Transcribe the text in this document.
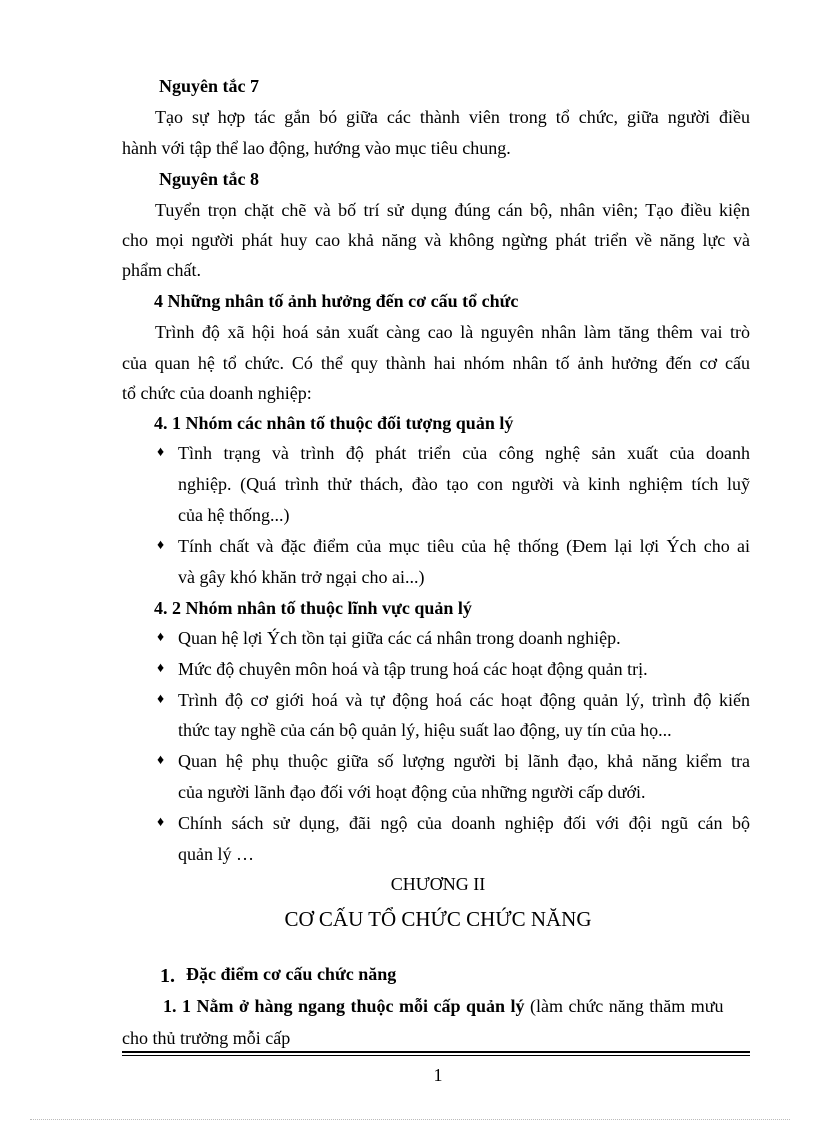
Nguyên tắc 7
Tạo sự hợp tác gắn bó giữa các thành viên trong tổ chức, giữa người điều
hành với tập thể lao động, hướng vào mục tiêu chung.
Nguyên tắc 8
Tuyển trọn chặt chẽ và bố trí sử dụng đúng cán bộ, nhân viên; Tạo điều kiện
cho mọi người phát huy cao khả năng và không ngừng phát triển về năng lực và
phẩm chất.
4 Những nhân tố ảnh hưởng đến cơ cấu tổ chức
Trình độ xã hội hoá sản xuất càng cao là nguyên nhân làm tăng thêm vai trò
của quan hệ tổ chức. Có thể quy thành hai nhóm nhân tố ảnh hưởng đến cơ cấu
tổ chức của doanh nghiệp:
4. 1 Nhóm các nhân tố thuộc đối tượng quản lý
♦ Tình trạng và trình độ phát triển của công nghệ sản xuất của doanh
nghiệp. (Quá trình thử thách, đào tạo con người và kinh nghiệm tích luỹ
của hệ thống...)
♦ Tính chất và đặc điểm của mục tiêu của hệ thống (Đem lại lợi Ých cho ai
và gây khó khăn trở ngại cho ai...)
4. 2 Nhóm nhân tố thuộc lĩnh vực quản lý
♦ Quan hệ lợi Ých tồn tại giữa các cá nhân trong doanh nghiệp.
♦ Mức độ chuyên môn hoá và tập trung hoá các hoạt động quản trị.
♦ Trình độ cơ giới hoá và tự động hoá các hoạt động quản lý, trình độ kiến
thức tay nghề của cán bộ quản lý, hiệu suất lao động, uy tín của họ...
♦ Quan hệ phụ thuộc giữa số lượng người bị lãnh đạo, khả năng kiểm tra
của người lãnh đạo đối với hoạt động của những người cấp dưới.
♦ Chính sách sử dụng, đãi ngộ của doanh nghiệp đối với đội ngũ cán bộ
quản lý …
CHƯƠNG II
CƠ CẤU TỔ CHỨC CHỨC NĂNG
1. Đặc điểm cơ cấu chức năng
1. 1 Nằm ở hàng ngang thuộc mỗi cấp quản lý (làm chức năng thăm mưu
cho thủ trưởng mỗi cấp
1
